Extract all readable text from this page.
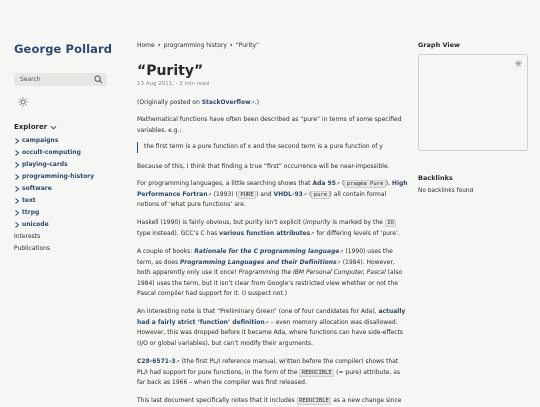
George Pollard
Search
Explorer
campaigns
occult-computing
playing-cards
programming-history
software
text
ttrpg
unicode
Interests
Publications
Home › programming history › “Purity”
“Purity”
13 Aug 2011, · 2 min read

(Originally posted on StackOverflow↗.)

Mathematical functions have often been described as “pure” in terms of some specified variables. e.g.:

the first term is a pure function of x and the second term is a pure function of y

Because of this, I think that finding a true “first” occurrence will be near-impossible.

For programming languages, a little searching shows that Ada 95↗ ( pragma Pure ), High Performance Fortran↗ (1993) ( PURE ) and VHDL-93↗ ( pure ) all contain formal notions of ‘what pure functions’ are.

Haskell (1990) is fairly obvious, but purity isn’t explicit (impurity is marked by the IO type instead). GCC’s C has various function attributes↗ for differing levels of ‘pure’.

A couple of books: Rationale for the C programming language↗ (1990) uses the term, as does Programming Languages and their Definitions↗ (1984). However, both apparently only use it once! Programming the IBM Personal Computer, Pascal (also 1984) uses the term, but it isn’t clear from Google’s restricted view whether or not the Pascal compiler had support for it. (I suspect not.)

An interesting note is that “Preliminary Green” (one of four candidates for Ada), actually had a fairly strict ‘function’ definition↗ – even memory allocation was disallowed. However, this was dropped before it became Ada, where functions can have side-effects (I/O or global variables), but can’t modify their arguments.

C28-6571-3↗ (the first PL/I reference manual, written before the compiler) shows that PL/I had support for pure functions, in the form of the REDUCIBLE (= pure) attribute, as far back as 1966 – when the compiler was first released.

This last document specifically notes that it includes REDUCIBLE as a new change since

Graph View
Backlinks
No backlinks found
